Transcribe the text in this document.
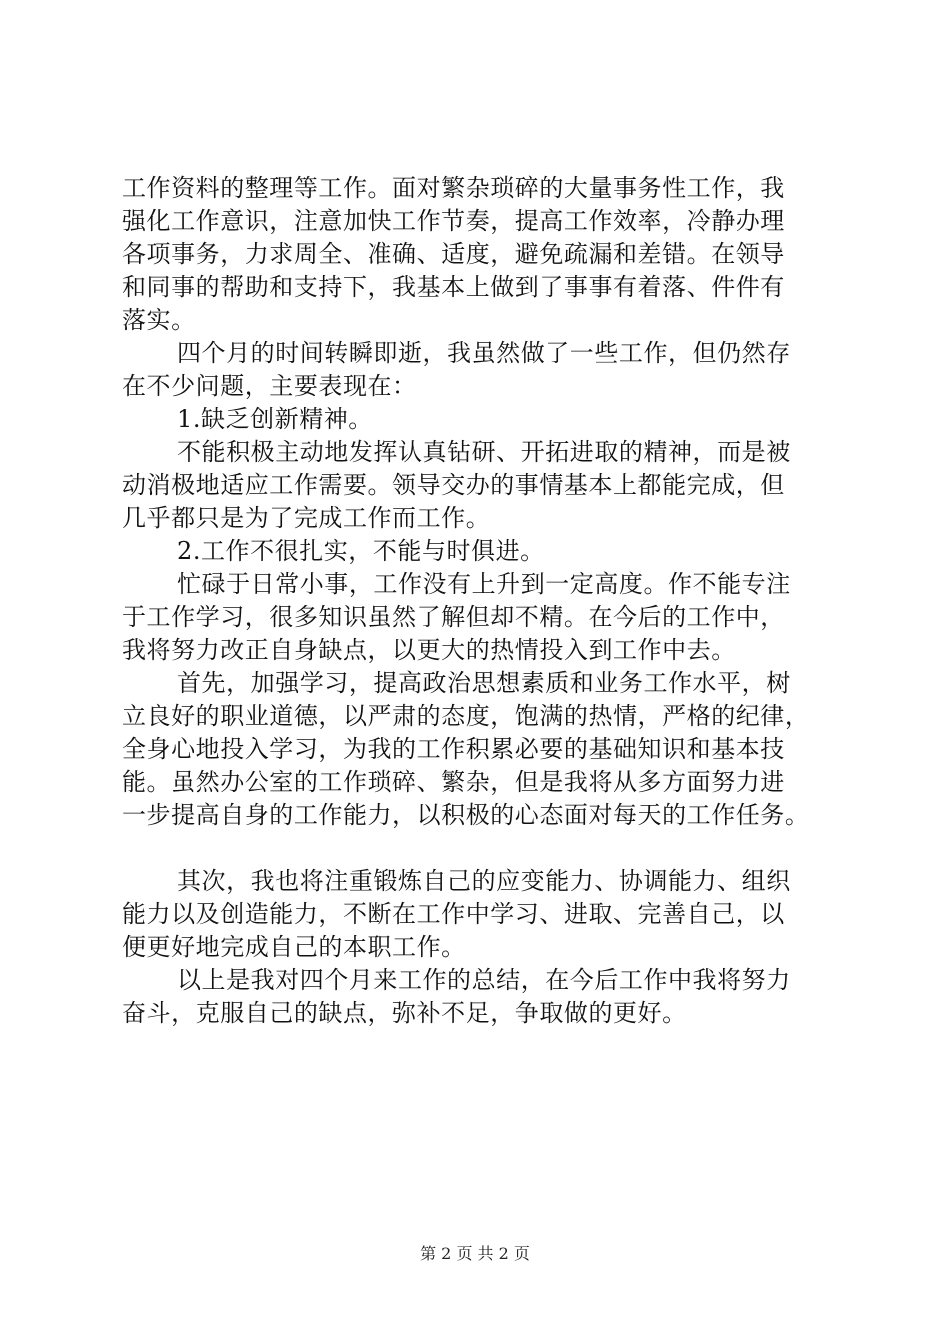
工作资料的整理等工作。面对繁杂琐碎的大量事务性工作，我
强化工作意识，注意加快工作节奏，提高工作效率，冷静办理
各项事务，力求周全、准确、适度，避免疏漏和差错。在领导
和同事的帮助和支持下，我基本上做到了事事有着落、件件有
落实。
四个月的时间转瞬即逝，我虽然做了一些工作，但仍然存
在不少问题，主要表现在：
1.缺乏创新精神。
不能积极主动地发挥认真钻研、开拓进取的精神，而是被
动消极地适应工作需要。领导交办的事情基本上都能完成，但
几乎都只是为了完成工作而工作。
2.工作不很扎实，不能与时俱进。
忙碌于日常小事，工作没有上升到一定高度。作不能专注
于工作学习，很多知识虽然了解但却不精。在今后的工作中，
我将努力改正自身缺点，以更大的热情投入到工作中去。
首先，加强学习，提高政治思想素质和业务工作水平，树
立良好的职业道德，以严肃的态度，饱满的热情，严格的纪律，
全身心地投入学习，为我的工作积累必要的基础知识和基本技
能。虽然办公室的工作琐碎、繁杂，但是我将从多方面努力进
一步提高自身的工作能力，以积极的心态面对每天的工作任务。
其次，我也将注重锻炼自己的应变能力、协调能力、组织
能力以及创造能力，不断在工作中学习、进取、完善自己，以
便更好地完成自己的本职工作。
以上是我对四个月来工作的总结，在今后工作中我将努力
奋斗，克服自己的缺点，弥补不足，争取做的更好。
第 2 页 共 2 页
